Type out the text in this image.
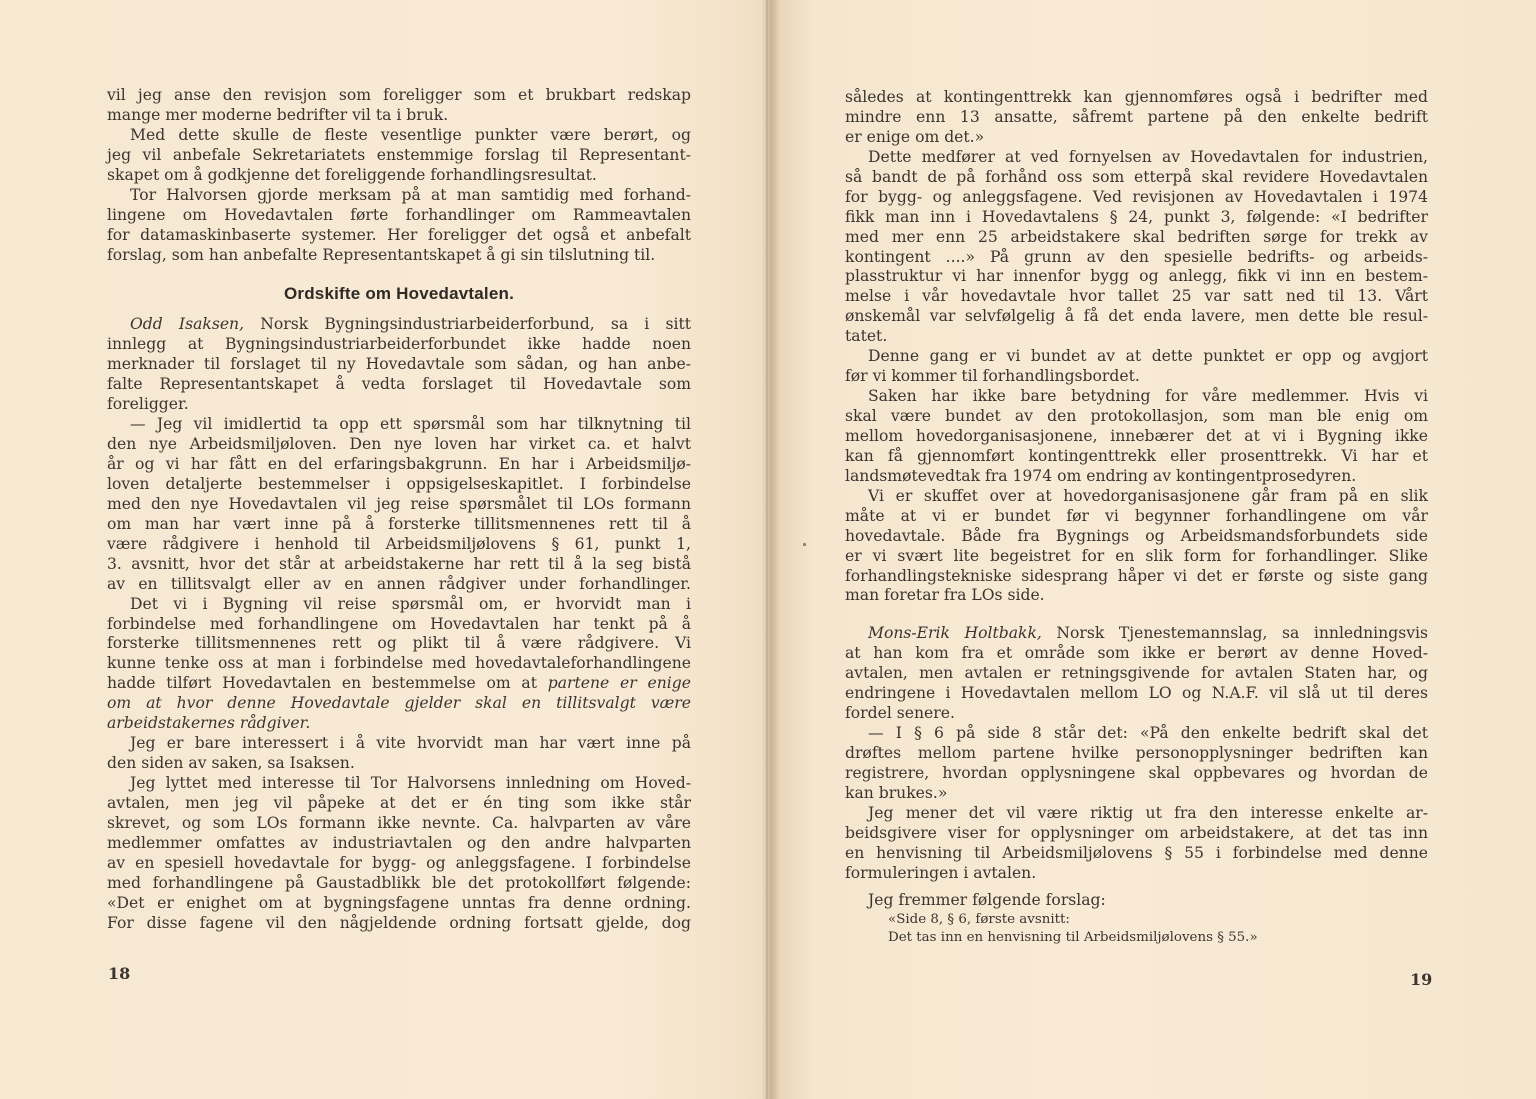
vil jeg anse den revisjon som foreligger som et brukbart redskap
mange mer moderne bedrifter vil ta i bruk.
Med dette skulle de fleste vesentlige punkter være berørt, og
jeg vil anbefale Sekretariatets enstemmige forslag til Representant-
skapet om å godkjenne det foreliggende forhandlingsresultat.
Tor Halvorsen gjorde merksam på at man samtidig med forhand-
lingene om Hovedavtalen førte forhandlinger om Rammeavtalen
for datamaskinbaserte systemer. Her foreligger det også et anbefalt
forslag, som han anbefalte Representantskapet å gi sin tilslutning til.
Ordskifte om Hovedavtalen.
Odd Isaksen, Norsk Bygningsindustriarbeiderforbund, sa i sitt
innlegg at Bygningsindustriarbeiderforbundet ikke hadde noen
merknader til forslaget til ny Hovedavtale som sådan, og han anbe-
falte Representantskapet å vedta forslaget til Hovedavtale som
foreligger.
— Jeg vil imidlertid ta opp ett spørsmål som har tilknytning til
den nye Arbeidsmiljøloven. Den nye loven har virket ca. et halvt
år og vi har fått en del erfaringsbakgrunn. En har i Arbeidsmiljø-
loven detaljerte bestemmelser i oppsigelseskapitlet. I forbindelse
med den nye Hovedavtalen vil jeg reise spørsmålet til LOs formann
om man har vært inne på å forsterke tillitsmennenes rett til å
være rådgivere i henhold til Arbeidsmiljølovens § 61, punkt 1,
3. avsnitt, hvor det står at arbeidstakerne har rett til å la seg bistå
av en tillitsvalgt eller av en annen rådgiver under forhandlinger.
Det vi i Bygning vil reise spørsmål om, er hvorvidt man i
forbindelse med forhandlingene om Hovedavtalen har tenkt på å
forsterke tillitsmennenes rett og plikt til å være rådgivere. Vi
kunne tenke oss at man i forbindelse med hovedavtaleforhandlingene
hadde tilført Hovedavtalen en bestemmelse om at partene er enige
om at hvor denne Hovedavtale gjelder skal en tillitsvalgt være
arbeidstakernes rådgiver.
Jeg er bare interessert i å vite hvorvidt man har vært inne på
den siden av saken, sa Isaksen.
Jeg lyttet med interesse til Tor Halvorsens innledning om Hoved-
avtalen, men jeg vil påpeke at det er én ting som ikke står
skrevet, og som LOs formann ikke nevnte. Ca. halvparten av våre
medlemmer omfattes av industriavtalen og den andre halvparten
av en spesiell hovedavtale for bygg- og anleggsfagene. I forbindelse
med forhandlingene på Gaustadblikk ble det protokollført følgende:
«Det er enighet om at bygningsfagene unntas fra denne ordning.
For disse fagene vil den någjeldende ordning fortsatt gjelde, dog
18
således at kontingenttrekk kan gjennomføres også i bedrifter med
mindre enn 13 ansatte, såfremt partene på den enkelte bedrift
er enige om det.»
Dette medfører at ved fornyelsen av Hovedavtalen for industrien,
så bandt de på forhånd oss som etterpå skal revidere Hovedavtalen
for bygg- og anleggsfagene. Ved revisjonen av Hovedavtalen i 1974
fikk man inn i Hovedavtalens § 24, punkt 3, følgende: «I bedrifter
med mer enn 25 arbeidstakere skal bedriften sørge for trekk av
kontingent ....» På grunn av den spesielle bedrifts- og arbeids-
plasstruktur vi har innenfor bygg og anlegg, fikk vi inn en bestem-
melse i vår hovedavtale hvor tallet 25 var satt ned til 13. Vårt
ønskemål var selvfølgelig å få det enda lavere, men dette ble resul-
tatet.
Denne gang er vi bundet av at dette punktet er opp og avgjort
før vi kommer til forhandlingsbordet.
Saken har ikke bare betydning for våre medlemmer. Hvis vi
skal være bundet av den protokollasjon, som man ble enig om
mellom hovedorganisasjonene, innebærer det at vi i Bygning ikke
kan få gjennomført kontingenttrekk eller prosenttrekk. Vi har et
landsmøtevedtak fra 1974 om endring av kontingentprosedyren.
Vi er skuffet over at hovedorganisasjonene går fram på en slik
måte at vi er bundet før vi begynner forhandlingene om vår
hovedavtale. Både fra Bygnings og Arbeidsmandsforbundets side
er vi svært lite begeistret for en slik form for forhandlinger. Slike
forhandlingstekniske sidesprang håper vi det er første og siste gang
man foretar fra LOs side.
Mons-Erik Holtbakk, Norsk Tjenestemannslag, sa innledningsvis
at han kom fra et område som ikke er berørt av denne Hoved-
avtalen, men avtalen er retningsgivende for avtalen Staten har, og
endringene i Hovedavtalen mellom LO og N.A.F. vil slå ut til deres
fordel senere.
— I § 6 på side 8 står det: «På den enkelte bedrift skal det
drøftes mellom partene hvilke personopplysninger bedriften kan
registrere, hvordan opplysningene skal oppbevares og hvordan de
kan brukes.»
Jeg mener det vil være riktig ut fra den interesse enkelte ar-
beidsgivere viser for opplysninger om arbeidstakere, at det tas inn
en henvisning til Arbeidsmiljølovens § 55 i forbindelse med denne
formuleringen i avtalen.
Jeg fremmer følgende forslag:
«Side 8, § 6, første avsnitt:
Det tas inn en henvisning til Arbeidsmiljølovens § 55.»
19
